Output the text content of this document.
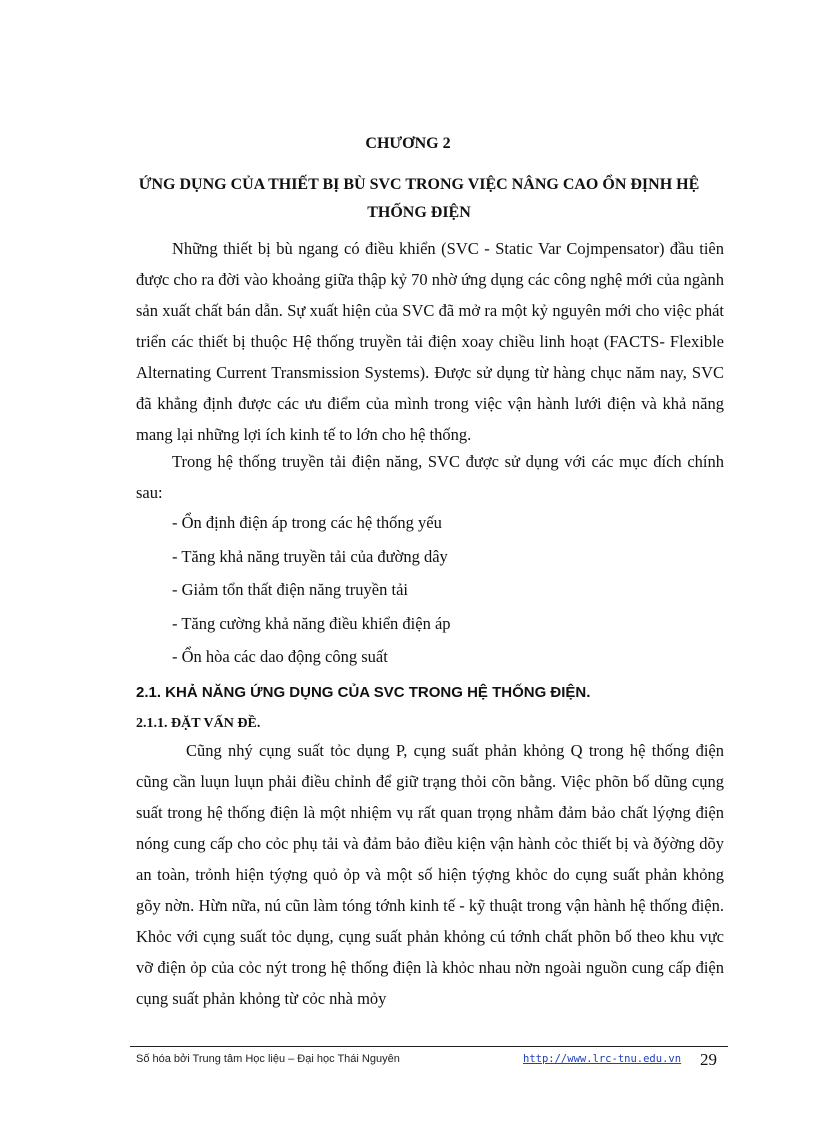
CHƯƠNG 2
ỨNG DỤNG CỦA THIẾT BỊ BÙ SVC TRONG VIỆC NÂNG CAO ỔN ĐỊNH HỆ THỐNG ĐIỆN

Những thiết bị bù ngang có điều khiển (SVC - Static Var Cojmpensator) đầu tiên được cho ra đời vào khoảng giữa thập kỷ 70 nhờ ứng dụng các công nghệ mới của ngành sản xuất chất bán dẫn. Sự xuất hiện của SVC đã mở ra một kỷ nguyên mới cho việc phát triển các thiết bị thuộc Hệ thống truyền tải điện xoay chiều linh hoạt (FACTS- Flexible Alternating Current Transmission Systems). Được sử dụng từ hàng chục năm nay, SVC đã khẳng định được các ưu điểm của mình trong việc vận hành lưới điện và khả năng mang lại những lợi ích kinh tế to lớn cho hệ thống.

Trong hệ thống truyền tải điện năng, SVC được sử dụng với các mục đích chính sau:

- Ổn định điện áp trong các hệ thống yếu

- Tăng khả năng truyền tải của đường dây

- Giảm tổn thất điện năng truyền tải

- Tăng cường khả năng điều khiển điện áp

- Ổn hòa các dao động công suất

2.1. KHẢ NĂNG ỨNG DỤNG CỦA SVC TRONG HỆ THỐNG ĐIỆN.
2.1.1. ĐẶT VẤN ĐỀ.

Cũng nhý cụng suất tỏc dụng P, cụng suất phản khỏng Q trong hệ thống điện cũng cần luụn luụn phải điều chỉnh để giữ trạng thỏi cõn bằng. Việc phõn bố dũng cụng suất trong hệ thống điện là một nhiệm vụ rất quan trọng nhằm đảm bảo chất lýợng điện nóng cung cấp cho cỏc phụ tải và đảm bảo điều kiện vận hành cỏc thiết bị và ðýờng dõy an toàn, trỏnh hiện týợng quỏ ỏp và một số hiện týợng khỏc do cụng suất phản khỏng gõy nờn. Hừn nữa, nú cũn làm tóng tớnh kinh tế - kỹ thuật trong vận hành hệ thống điện. Khỏc với cụng suất tỏc dụng, cụng suất phản khỏng cú tớnh chất phõn bố theo khu vực vỡ điện ỏp của cỏc nýt trong hệ thống điện là khỏc nhau nờn ngoài nguồn cung cấp điện cụng suất phản khỏng từ cỏc nhà mỏy

Số hóa bởi Trung tâm Học liệu – Đại học Thái Nguyên	http://www.lrc-tnu.edu.vn 29
